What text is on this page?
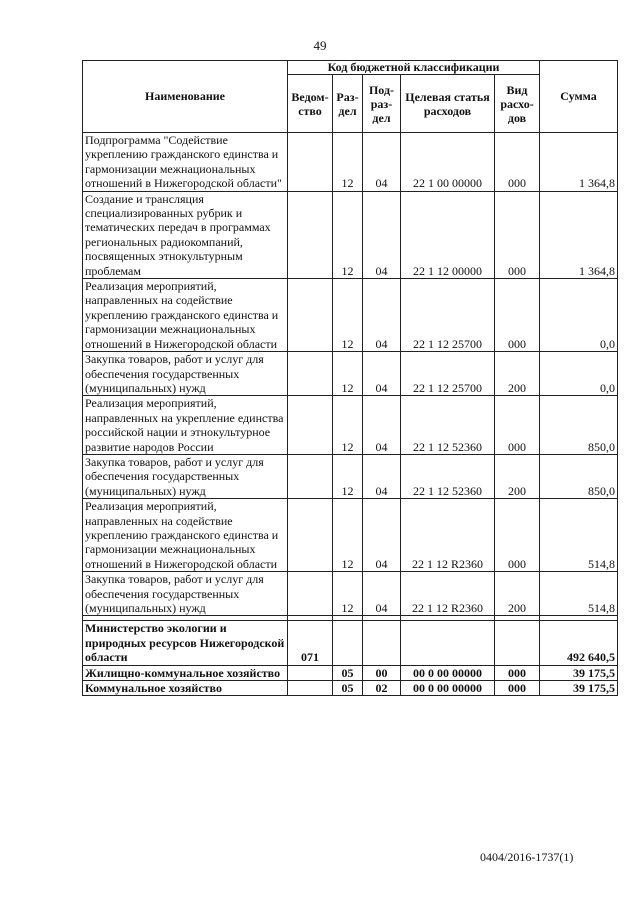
49
Наименование	Код бюджетной классификации					Сумма
	Ведом-ство	Раз-дел	Под-раз-дел	Целевая статья расходов	Вид расхо-дов	
Подпрограмма "Содействие укреплению гражданского единства и гармонизации межнациональных отношений в Нижегородской области"		12	04	22 1 00 00000	000	1 364,8
Создание и трансляция специализированных рубрик и тематических передач в программах региональных радиокомпаний, посвященных этнокультурным проблемам		12	04	22 1 12 00000	000	1 364,8
Реализация мероприятий, направленных на содействие укреплению гражданского единства и гармонизации межнациональных отношений в Нижегородской области		12	04	22 1 12 25700	000	0,0
Закупка товаров, работ и услуг для обеспечения государственных (муниципальных) нужд		12	04	22 1 12 25700	200	0,0
Реализация мероприятий, направленных на укрепление единства российской нации и этнокультурное развитие народов России		12	04	22 1 12 52360	000	850,0
Закупка товаров, работ и услуг для обеспечения государственных (муниципальных) нужд		12	04	22 1 12 52360	200	850,0
Реализация мероприятий, направленных на содействие укреплению гражданского единства и гармонизации межнациональных отношений в Нижегородской области		12	04	22 1 12 R2360	000	514,8
Закупка товаров, работ и услуг для обеспечения государственных (муниципальных) нужд		12	04	22 1 12 R2360	200	514,8

Министерство экологии и природных ресурсов Нижегородской области	071					492 640,5
Жилищно-коммунальное хозяйство		05	00	00 0 00 00000	000	39 175,5
Коммунальное хозяйство		05	02	00 0 00 00000	000	39 175,5
0404/2016-1737(1)
